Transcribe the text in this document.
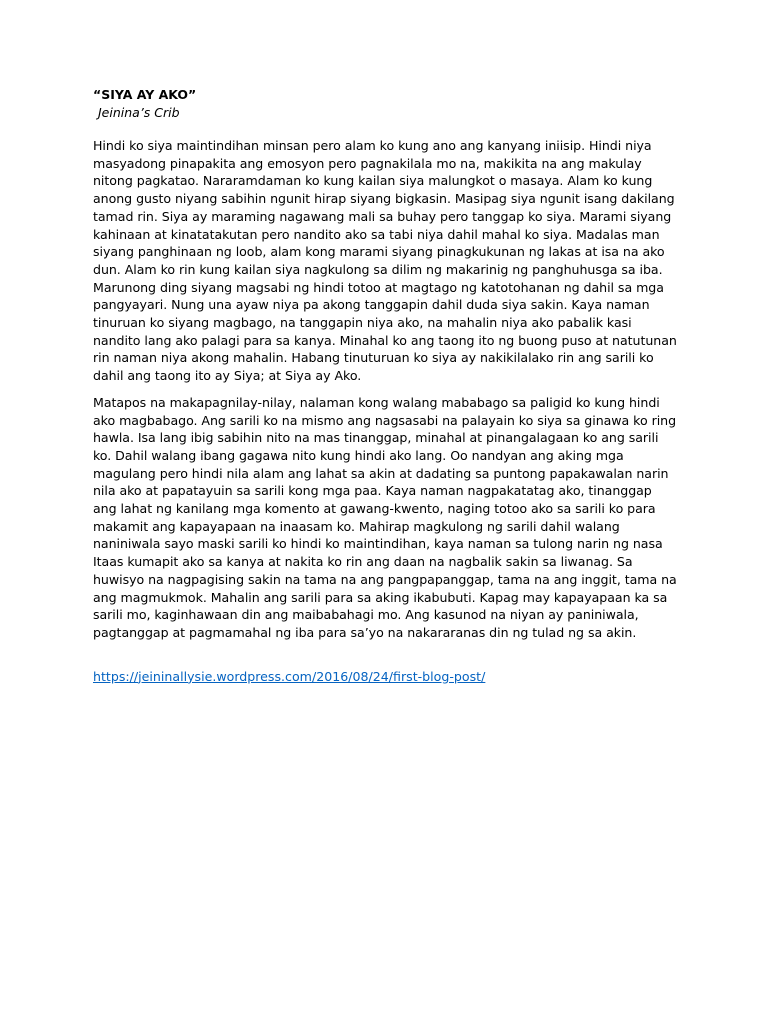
“SIYA AY AKO”

Jeinina’s Crib

Hindi ko siya maintindihan minsan pero alam ko kung ano ang kanyang iniisip. Hindi niya masyadong pinapakita ang emosyon pero pagnakilala mo na, makikita na ang makulay nitong pagkatao. Nararamdaman ko kung kailan siya malungkot o masaya. Alam ko kung anong gusto niyang sabihin ngunit hirap siyang bigkasin. Masipag siya ngunit isang dakilang tamad rin. Siya ay maraming nagawang mali sa buhay pero tanggap ko siya. Marami siyang kahinaan at kinatatakutan pero nandito ako sa tabi niya dahil mahal ko siya. Madalas man siyang panghinaan ng loob, alam kong marami siyang pinagkukunan ng lakas at isa na ako dun. Alam ko rin kung kailan siya nagkulong sa dilim ng makarinig ng panghuhusga sa iba. Marunong ding siyang magsabi ng hindi totoo at magtago ng katotohanan ng dahil sa mga pangyayari. Nung una ayaw niya pa akong tanggapin dahil duda siya sakin. Kaya naman tinuruan ko siyang magbago, na tanggapin niya ako, na mahalin niya ako pabalik kasi nandito lang ako palagi para sa kanya. Minahal ko ang taong ito ng buong puso at natutunan rin naman niya akong mahalin. Habang tinuturuan ko siya ay nakikilalako rin ang sarili ko dahil ang taong ito ay Siya; at Siya ay Ako.

Matapos na makapagnilay-nilay, nalaman kong walang mababago sa paligid ko kung hindi ako magbabago. Ang sarili ko na mismo ang nagsasabi na palayain ko siya sa ginawa ko ring hawla. Isa lang ibig sabihin nito na mas tinanggap, minahal at pinangalagaan ko ang sarili ko. Dahil walang ibang gagawa nito kung hindi ako lang. Oo nandyan ang aking mga magulang pero hindi nila alam ang lahat sa akin at dadating sa puntong papakawalan narin nila ako at papatayuin sa sarili kong mga paa. Kaya naman nagpakatatag ako, tinanggap ang lahat ng kanilang mga komento at gawang-kwento, naging totoo ako sa sarili ko para makamit ang kapayapaan na inaasam ko. Mahirap magkulong ng sarili dahil walang naniniwala sayo maski sarili ko hindi ko maintindihan, kaya naman sa tulong narin ng nasa Itaas kumapit ako sa kanya at nakita ko rin ang daan na nagbalik sakin sa liwanag. Sa huwisyo na nagpagising sakin na tama na ang pangpapanggap, tama na ang inggit, tama na ang magmukmok. Mahalin ang sarili para sa aking ikabubuti. Kapag may kapayapaan ka sa sarili mo, kaginhawaan din ang maibabahagi mo. Ang kasunod na niyan ay paniniwala, pagtanggap at pagmamahal ng iba para sa’yo na nakararanas din ng tulad ng sa akin.

https://jeininallysie.wordpress.com/2016/08/24/first-blog-post/
